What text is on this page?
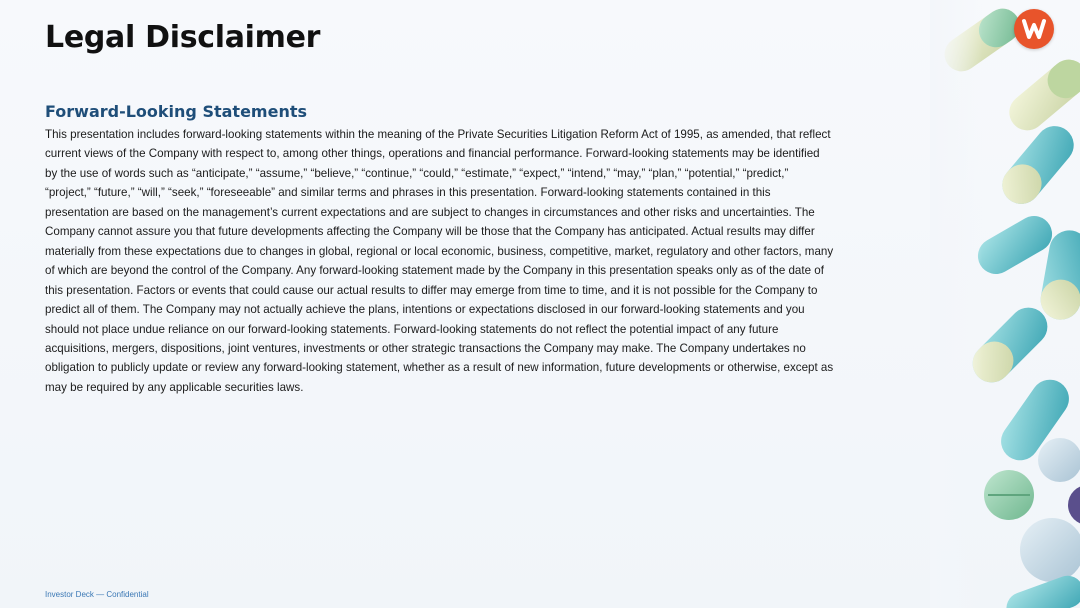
Legal Disclaimer
Forward-Looking Statements

This presentation includes forward-looking statements within the meaning of the Private Securities Litigation Reform Act of 1995, as amended, that reflect current views of the Company with respect to, among other things, operations and financial performance. Forward-looking statements may be identified by the use of words such as “anticipate,” “assume,” “believe,” “continue,” “could,” “estimate,” “expect,” “intend,” “may,” “plan,” “potential,” “predict,” “project,” “future,” “will,” “seek,” “foreseeable” and similar terms and phrases in this presentation. Forward-looking statements contained in this presentation are based on the management’s current expectations and are subject to changes in circumstances and other risks and uncertainties. The Company cannot assure you that future developments affecting the Company will be those that the Company has anticipated. Actual results may differ materially from these expectations due to changes in global, regional or local economic, business, competitive, market, regulatory and other factors, many of which are beyond the control of the Company. Any forward-looking statement made by the Company in this presentation speaks only as of the date of this presentation. Factors or events that could cause our actual results to differ may emerge from time to time, and it is not possible for the Company to predict all of them. The Company may not actually achieve the plans, intentions or expectations disclosed in our forward-looking statements and you should not place undue reliance on our forward-looking statements. Forward-looking statements do not reflect the potential impact of any future acquisitions, mergers, dispositions, joint ventures, investments or other strategic transactions the Company may make. The Company undertakes no obligation to publicly update or review any forward-looking statement, whether as a result of new information, future developments or otherwise, except as may be required by any applicable securities laws.

Investor Deck — Confidential
